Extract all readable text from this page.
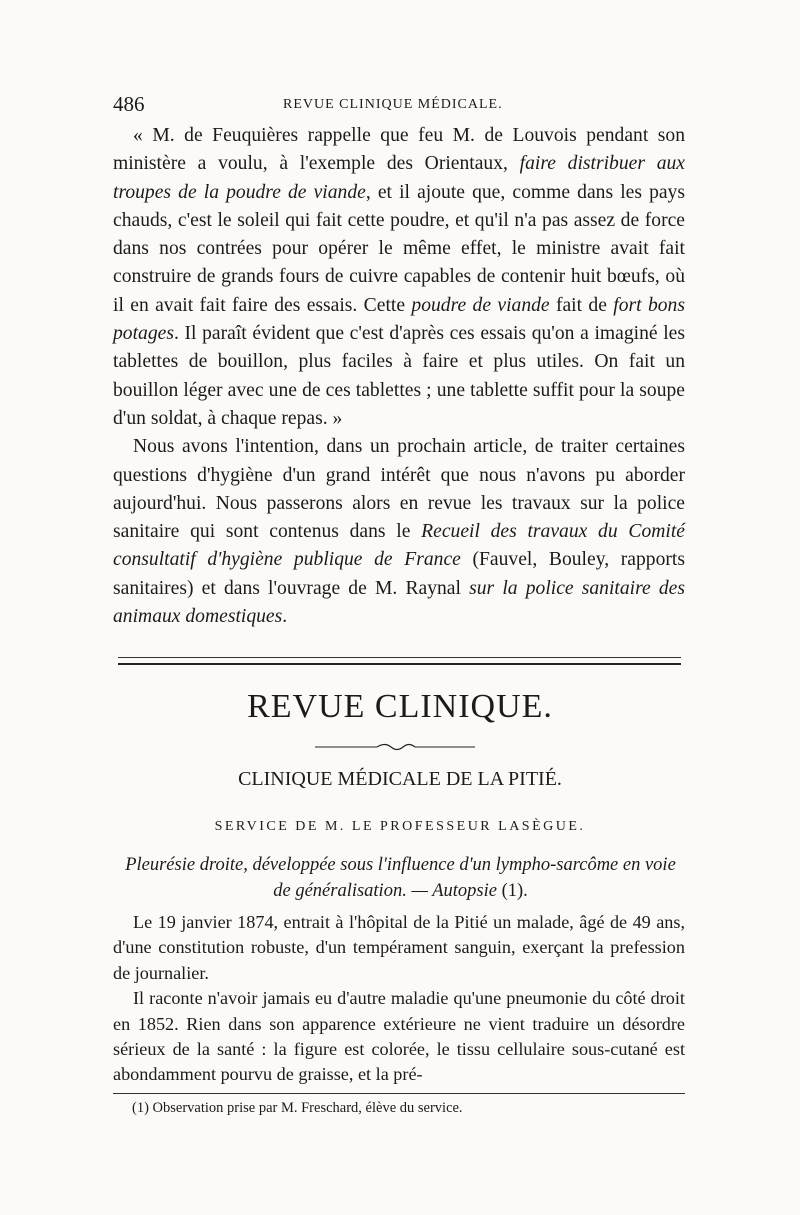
486	REVUE CLINIQUE MÉDICALE.

« M. de Feuquières rappelle que feu M. de Louvois pendant son ministère a voulu, à l'exemple des Orientaux, faire distribuer aux troupes de la poudre de viande, et il ajoute que, comme dans les pays chauds, c'est le soleil qui fait cette poudre, et qu'il n'a pas assez de force dans nos contrées pour opérer le même effet, le ministre avait fait construire de grands fours de cuivre capables de contenir huit bœufs, où il en avait fait faire des essais. Cette poudre de viande fait de fort bons potages. Il paraît évident que c'est d'après ces essais qu'on a imaginé les tablettes de bouillon, plus faciles à faire et plus utiles. On fait un bouillon léger avec une de ces tablettes ; une tablette suffit pour la soupe d'un soldat, à chaque repas. »

Nous avons l'intention, dans un prochain article, de traiter certaines questions d'hygiène d'un grand intérêt que nous n'avons pu aborder aujourd'hui. Nous passerons alors en revue les travaux sur la police sanitaire qui sont contenus dans le Recueil des travaux du Comité consultatif d'hygiène publique de France (Fauvel, Bouley, rapports sanitaires) et dans l'ouvrage de M. Raynal sur la police sanitaire des animaux domestiques.

REVUE CLINIQUE.
CLINIQUE MÉDICALE DE LA PITIÉ.
SERVICE DE M. LE PROFESSEUR LASÈGUE.
Pleurésie droite, développée sous l'influence d'un lympho-sarcôme en voie de généralisation. — Autopsie (1).

Le 19 janvier 1874, entrait à l'hôpital de la Pitié un malade, âgé de 49 ans, d'une constitution robuste, d'un tempérament sanguin, exerçant la prefession de journalier.

Il raconte n'avoir jamais eu d'autre maladie qu'une pneumonie du côté droit en 1852. Rien dans son apparence extérieure ne vient traduire un désordre sérieux de la santé : la figure est colorée, le tissu cellulaire sous-cutané est abondamment pourvu de graisse, et la pré-

(1) Observation prise par M. Freschard, élève du service.
